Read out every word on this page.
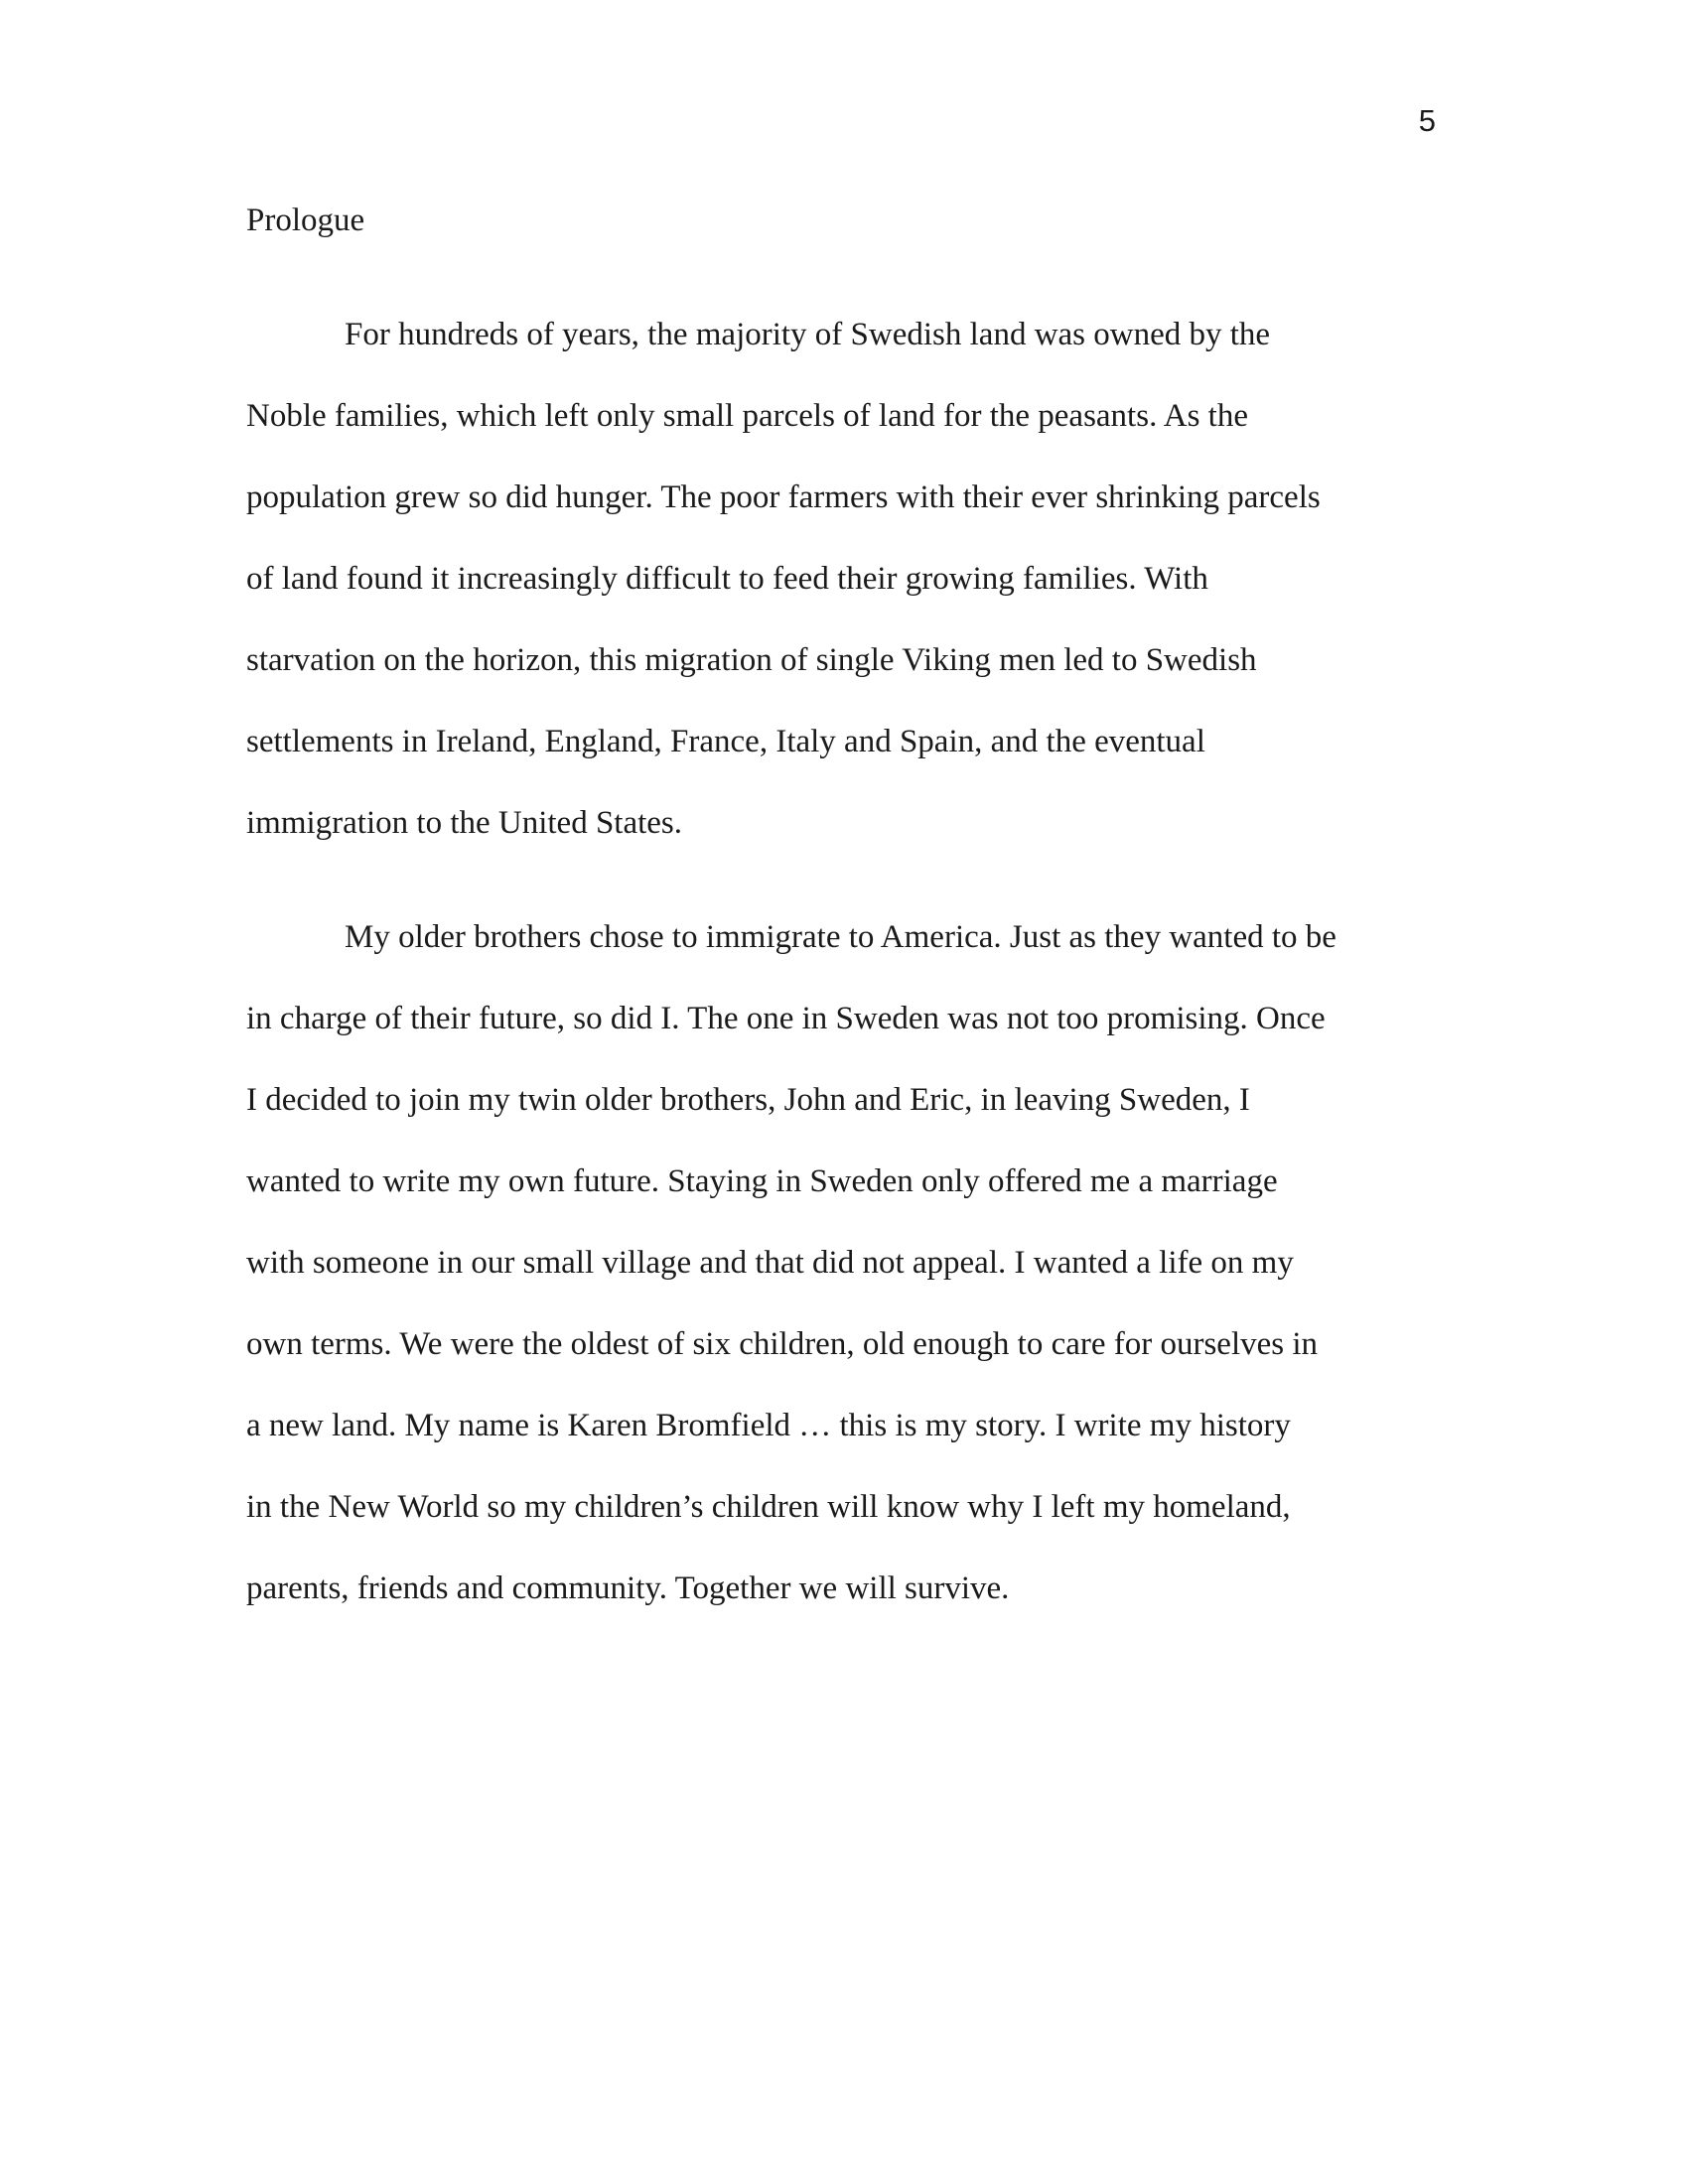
5
Prologue
For hundreds of years, the majority of Swedish land was owned by the
Noble families, which left only small parcels of land for the peasants. As the
population grew so did hunger. The poor farmers with their ever shrinking parcels
of land found it increasingly difficult to feed their growing families. With
starvation on the horizon, this migration of single Viking men led to Swedish
settlements in Ireland, England, France, Italy and Spain, and the eventual
immigration to the United States.
My older brothers chose to immigrate to America. Just as they wanted to be
in charge of their future, so did I. The one in Sweden was not too promising. Once
I decided to join my twin older brothers, John and Eric, in leaving Sweden, I
wanted to write my own future. Staying in Sweden only offered me a marriage
with someone in our small village and that did not appeal. I wanted a life on my
own terms. We were the oldest of six children, old enough to care for ourselves in
a new land. My name is Karen Bromfield … this is my story. I write my history
in the New World so my children’s children will know why I left my homeland,
parents, friends and community. Together we will survive.
